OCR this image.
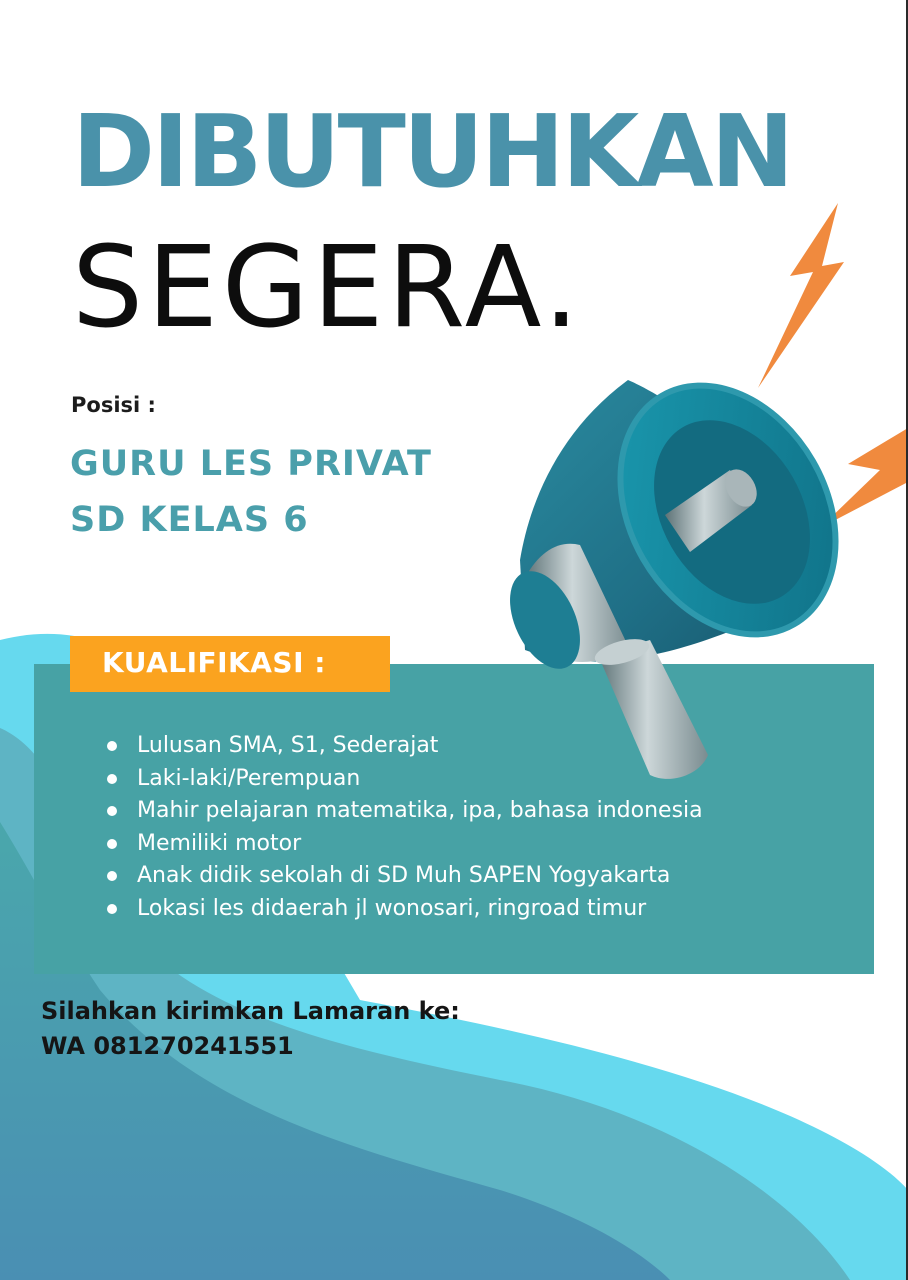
DIBUTUHKAN
SEGERA.
Posisi :
GURU LES PRIVAT
SD KELAS 6
KUALIFIKASI :
Lulusan SMA, S1, Sederajat
Laki-laki/Perempuan
Mahir pelajaran matematika, ipa, bahasa indonesia
Memiliki motor
Anak didik sekolah di SD Muh SAPEN Yogyakarta
Lokasi les didaerah jl wonosari, ringroad timur
Silahkan kirimkan Lamaran ke:
WA 081270241551
